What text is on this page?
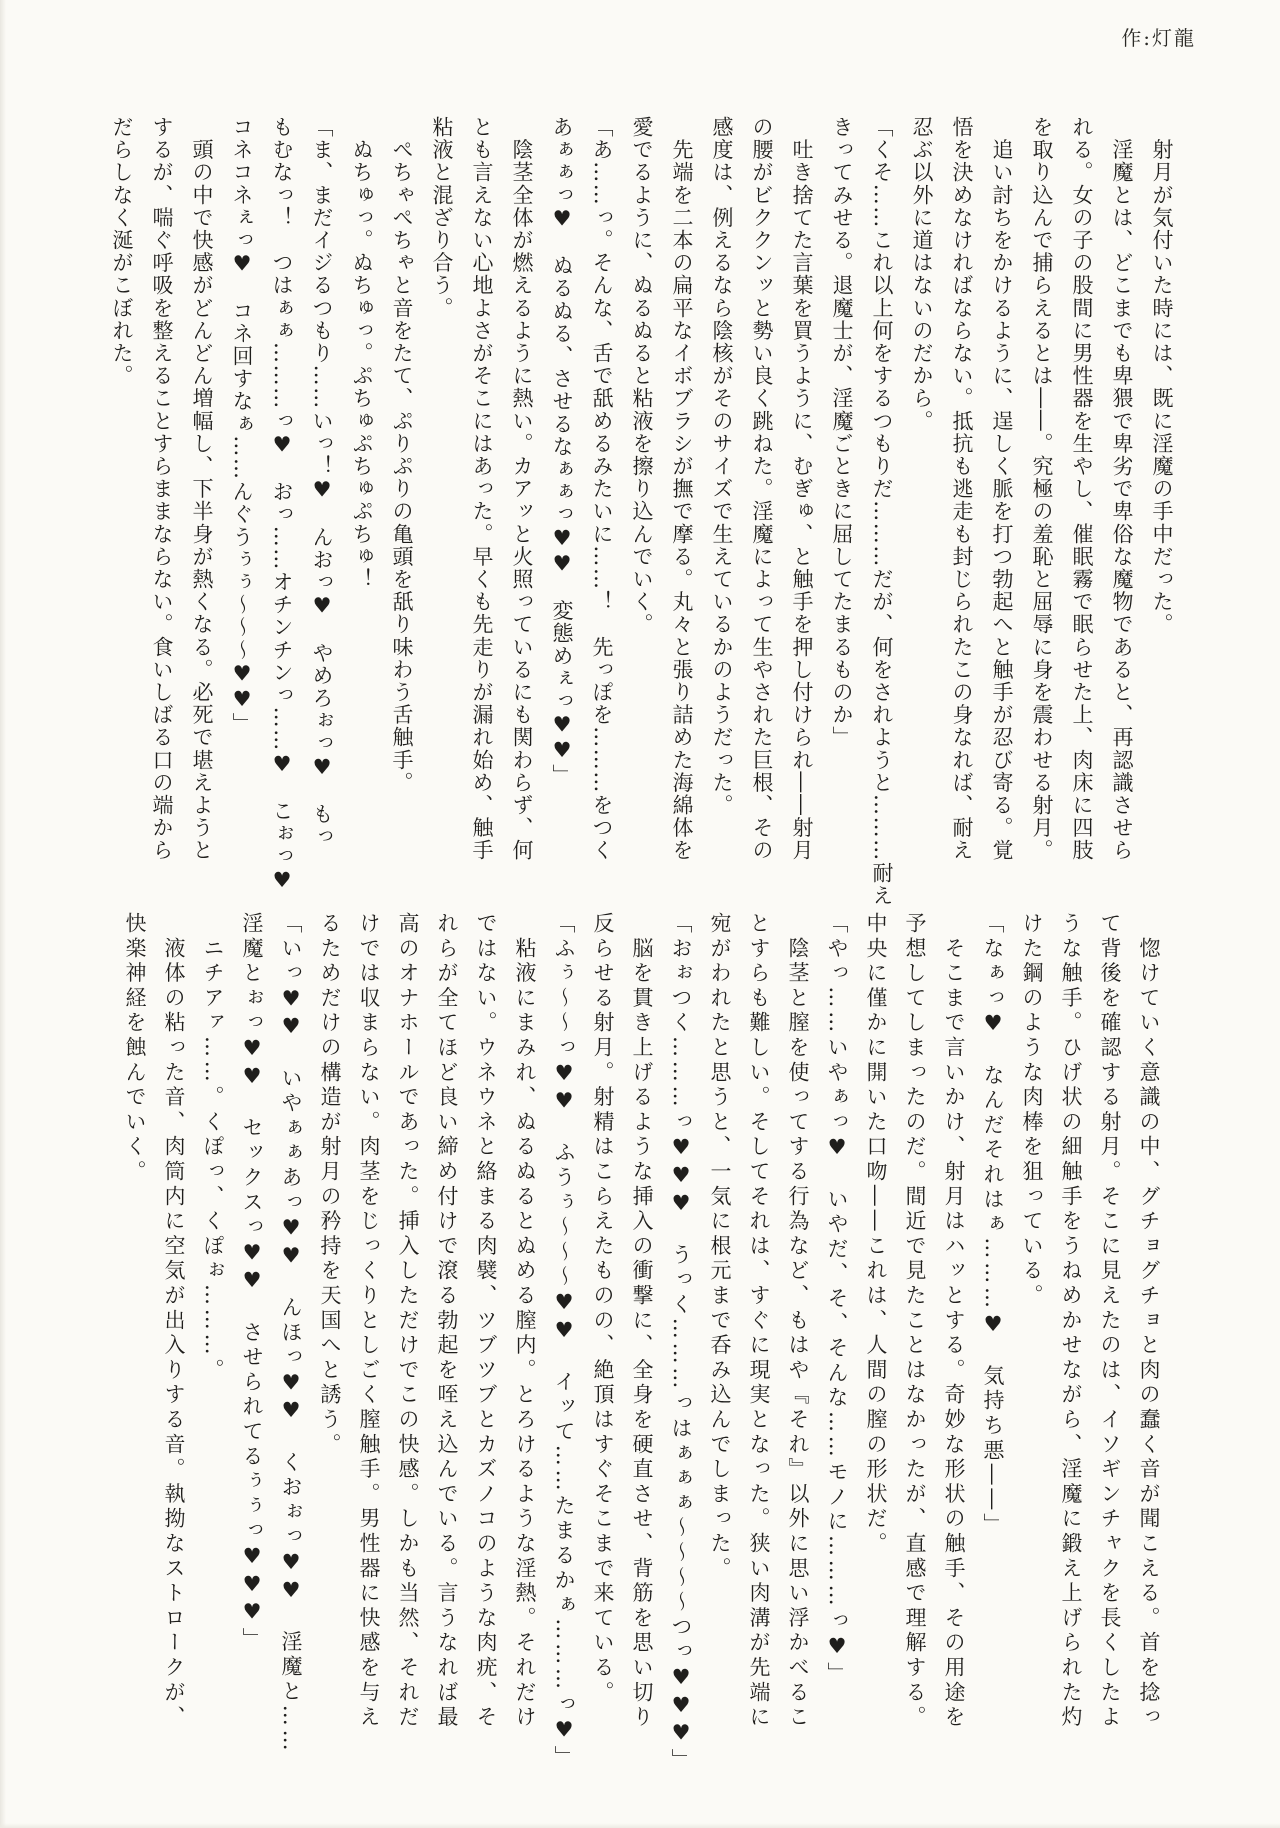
作:灯龍
　射月が気付いた時には、既に淫魔の手中だった。
　淫魔とは、どこまでも卑猥で卑劣で卑俗な魔物であると、再認識させら
れる。女の子の股間に男性器を生やし、催眠霧で眠らせた上、肉床に四肢
を取り込んで捕らえるとは――。究極の羞恥と屈辱に身を震わせる射月。
　追い討ちをかけるように、逞しく脈を打つ勃起へと触手が忍び寄る。覚
悟を決めなければならない。抵抗も逃走も封じられたこの身なれば、耐え
忍ぶ以外に道はないのだから。
「くそ……これ以上何をするつもりだ………だが、何をされようと………耐え
きってみせる。退魔士が、淫魔ごときに屈してたまるものか」
　吐き捨てた言葉を買うように、むぎゅ、と触手を押し付けられ――射月
の腰がビククンッと勢い良く跳ねた。淫魔によって生やされた巨根、その
感度は、例えるなら陰核がそのサイズで生えているかのようだった。
　先端を二本の扁平なイボブラシが撫で摩る。丸々と張り詰めた海綿体を
愛でるように、ぬるぬると粘液を擦り込んでいく。
「あ……っ。そんな、舌で舐めるみたいに……！　先っぽを………をつく
あぁぁっ♥　ぬるぬる、させるなぁぁっ♥♥　変態めぇっ♥♥」
　陰茎全体が燃えるように熱い。カアッと火照っているにも関わらず、何
とも言えない心地よさがそこにはあった。早くも先走りが漏れ始め、触手
粘液と混ざり合う。
　ぺちゃぺちゃと音をたて、ぷりぷりの亀頭を舐り味わう舌触手。
　ぬちゅっ。ぬちゅっ。ぷちゅぷちゅぷちゅ！
「ま、まだイジるつもり……いっ！♥　んおっ♥　やめろぉっ♥　もっ
もむなっ！　つはぁぁ………っ♥　おっ……オチンチンっ……♥　こぉっ♥
コネコネぇっ♥　コネ回すなぁ……んぐうぅぅ～～～♥♥」
　頭の中で快感がどんどん増幅し、下半身が熱くなる。必死で堪えようと
するが、喘ぐ呼吸を整えることすらままならない。食いしばる口の端から
だらしなく涎がこぼれた。
　惚けていく意識の中、グチョグチョと肉の蠢く音が聞こえる。首を捻っ
て背後を確認する射月。そこに見えたのは、イソギンチャクを長くしたよ
うな触手。ひげ状の細触手をうねめかせながら、淫魔に鍛え上げられた灼
けた鋼のような肉棒を狙っている。
「なぁっ♥　なんだそれはぁ………♥　気持ち悪――」
　そこまで言いかけ、射月はハッとする。奇妙な形状の触手、その用途を
予想してしまったのだ。間近で見たことはなかったが、直感で理解する。
中央に僅かに開いた口吻――これは、人間の膣の形状だ。
「やっ……いやぁっ♥　いやだ、そ、そんな……モノに………っ♥」
　陰茎と膣を使ってする行為など、もはや『それ』以外に思い浮かべるこ
とすらも難しい。そしてそれは、すぐに現実となった。狭い肉溝が先端に
宛がわれたと思うと、一気に根元まで呑み込んでしまった。
「おぉつく………っ♥♥♥　うっく………っはぁぁぁ～～～～つっ♥♥♥」
　脳を貫き上げるような挿入の衝撃に、全身を硬直させ、背筋を思い切り
反らせる射月。射精はこらえたものの、絶頂はすぐそこまで来ている。
「ふぅ～～っ♥♥　ふうぅ～～～♥♥　イッて……たまるかぁ………っ♥」
　粘液にまみれ、ぬるぬるとぬめる膣内。とろけるような淫熱。それだけ
ではない。ウネウネと絡まる肉襞、ツブツブとカズノコのような肉疣、そ
れらが全てほど良い締め付けで滾る勃起を咥え込んでいる。言うなれば最
高のオナホールであった。挿入しただけでこの快感。しかも当然、それだ
けでは収まらない。肉茎をじっくりとしごく膣触手。男性器に快感を与え
るためだけの構造が射月の矜持を天国へと誘う。
「いっ♥♥　いやぁぁあっ♥♥　んほっ♥♥　くおぉっ♥♥　淫魔と……
淫魔とぉっ♥♥　セックスっ♥♥　させられてるぅぅっ♥♥♥」
　ニチアァ……。くぽっ、くぽぉ………。
　液体の粘った音、肉筒内に空気が出入りする音。執拗なストロークが、
快楽神経を蝕んでいく。
